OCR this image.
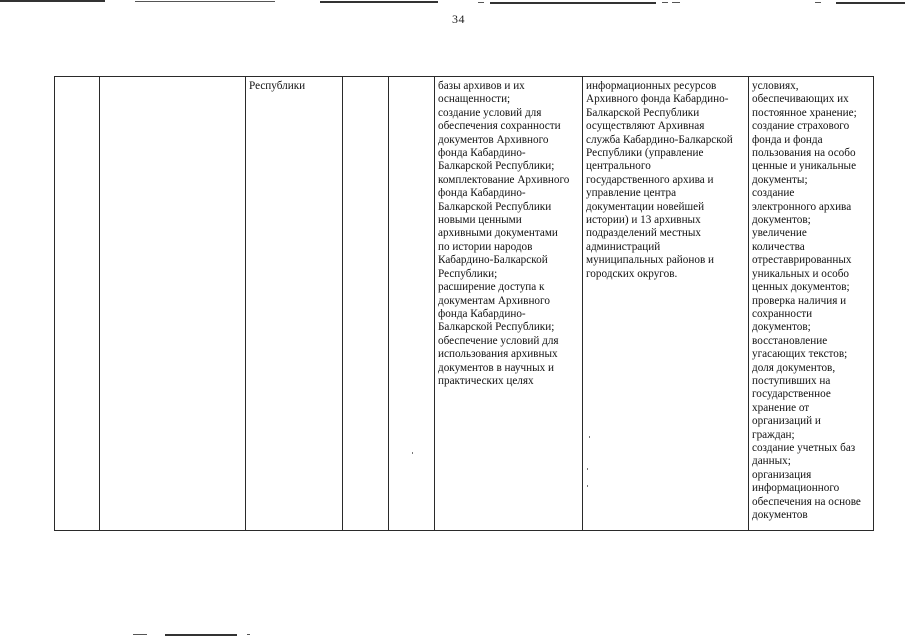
34
		Республики			базы архивов и их
оснащенности;
создание условий для
обеспечения сохранности
документов Архивного
фонда Кабардино-
Балкарской Республики;
комплектование Архивного
фонда Кабардино-
Балкарской Республики
новыми ценными
архивными документами
по истории народов
Кабардино-Балкарской
Республики;
расширение доступа к
документам Архивного
фонда Кабардино-
Балкарской Республики;
обеспечение условий для
использования архивных
документов в научных и
практических целях	информационных ресурсов
Архивного фонда Кабардино-
Балкарской Республики
осуществляют Архивная
служба Кабардино-Балкарской
Республики (управление
центрального
государственного архива и
управление центра
документации новейшей
истории) и 13 архивных
подразделений местных
администраций
муниципальных районов и
городских округов.	условиях,
обеспечивающих их
постоянное хранение;
создание страхового
фонда и фонда
пользования на особо
ценные и уникальные
документы;
создание
электронного архива
документов;
увеличение
количества
отреставрированных
уникальных и особо
ценных документов;
проверка наличия и
сохранности
документов;
восстановление
угасающих текстов;
доля документов,
поступивших на
государственное
хранение от
организаций и
граждан;
создание учетных баз
данных;
организация
информационного
обеспечения на основе
документов
